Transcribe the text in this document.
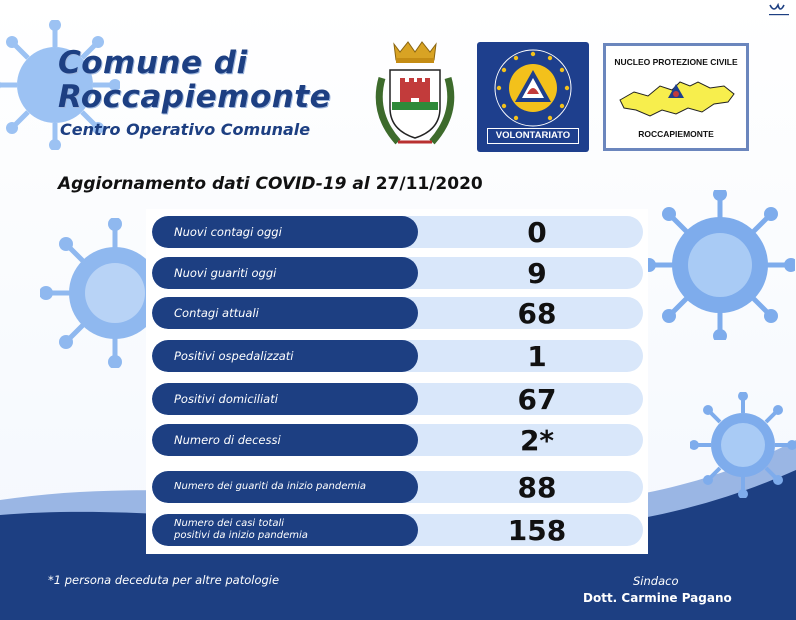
Comune di
Roccapiemonte
Centro Operativo Comunale	VOLONTARIATO
NUCLEO PROTEZIONE CIVILE
ROCCAPIEMONTE
Aggiornamento dati COVID-19 al 27/11/2020
Nuovi contagi oggi	0
Nuovi guariti oggi	9
Contagi attuali	68
Positivi ospedalizzati	1
Positivi domiciliati	67
Numero di decessi	2*
Numero dei guariti da inizio pandemia	88
Numero dei casi totali
positivi da inizio pandemia	158
*1 persona deceduta per altre patologie	Sindaco
Dott. Carmine Pagano
